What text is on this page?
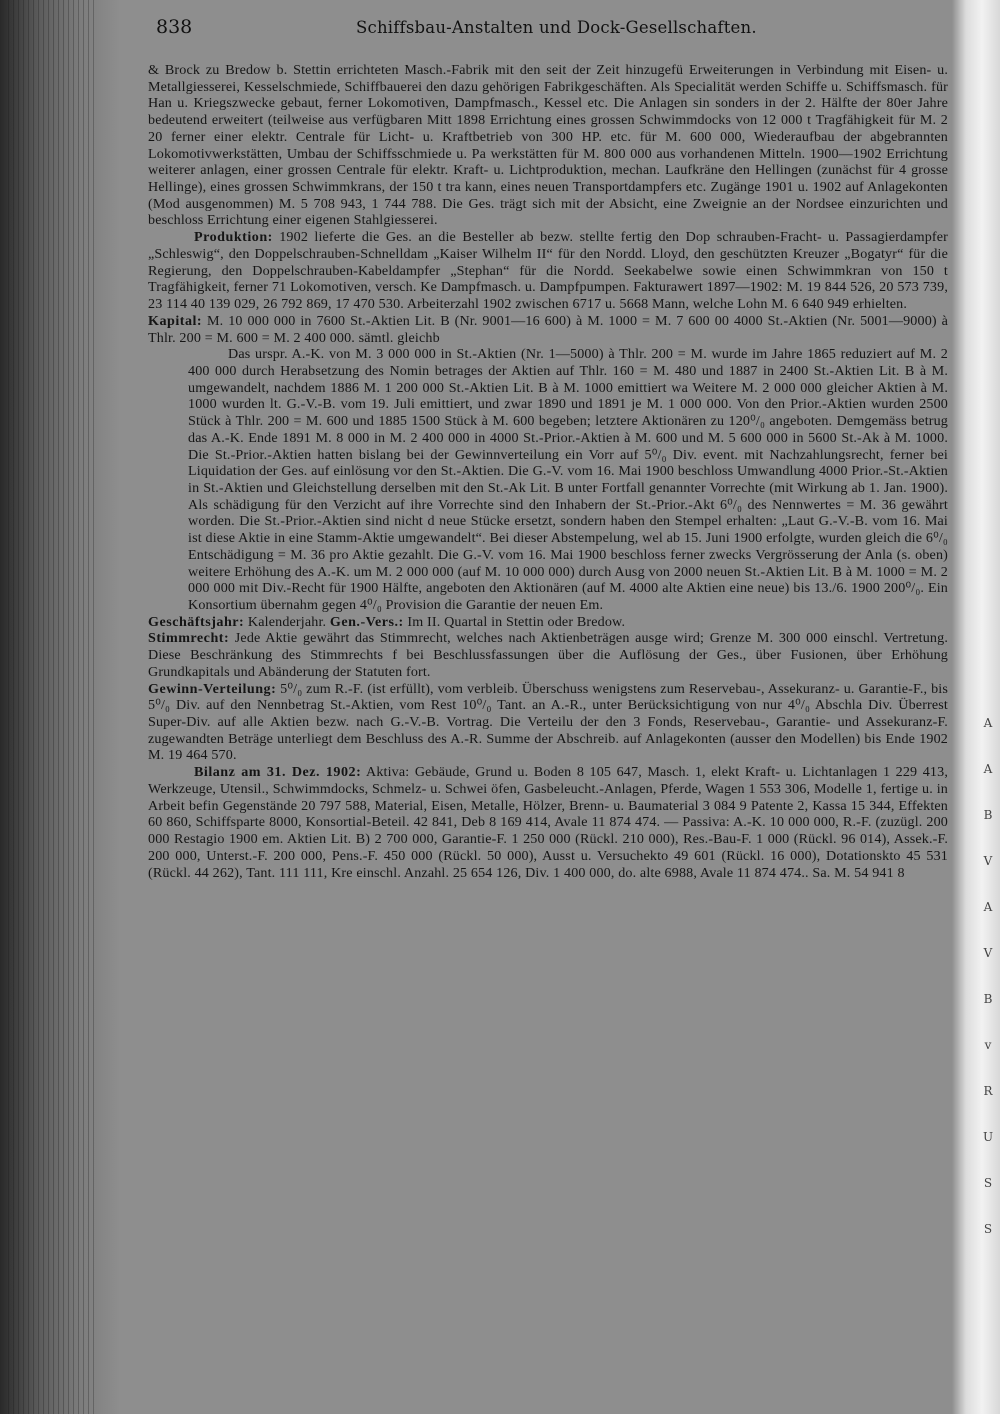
838	Schiffsbau-Anstalten und Dock-Gesellschaften.

& Brock zu Bredow b. Stettin errichteten Masch.-Fabrik mit den seit der Zeit hinzugefü Erweiterungen in Verbindung mit Eisen- u. Metallgiesserei, Kesselschmiede, Schiffbauerei den dazu gehörigen Fabrikgeschäften. Als Specialität werden Schiffe u. Schiffsmasch. für Han u. Kriegszwecke gebaut, ferner Lokomotiven, Dampfmasch., Kessel etc. Die Anlagen sin sonders in der 2. Hälfte der 80er Jahre bedeutend erweitert (teilweise aus verfügbaren Mitt 1898 Errichtung eines grossen Schwimmdocks von 12 000 t Tragfähigkeit für M. 2 20 ferner einer elektr. Centrale für Licht- u. Kraftbetrieb von 300 HP. etc. für M. 600 000, Wiederaufbau der abgebrannten Lokomotivwerkstätten, Umbau der Schiffsschmiede u. Pa werkstätten für M. 800 000 aus vorhandenen Mitteln. 1900—1902 Errichtung weiterer anlagen, einer grossen Centrale für elektr. Kraft- u. Lichtproduktion, mechan. Laufkräne den Hellingen (zunächst für 4 grosse Hellinge), eines grossen Schwimmkrans, der 150 t tra kann, eines neuen Transportdampfers etc. Zugänge 1901 u. 1902 auf Anlagekonten (Mod ausgenommen) M. 5 708 943, 1 744 788. Die Ges. trägt sich mit der Absicht, eine Zweignie an der Nordsee einzurichten und beschloss Errichtung einer eigenen Stahlgiesserei.

Produktion: 1902 lieferte die Ges. an die Besteller ab bezw. stellte fertig den Dop schrauben-Fracht- u. Passagierdampfer „Schleswig“, den Doppelschrauben-Schnelldam „Kaiser Wilhelm II“ für den Nordd. Lloyd, den geschützten Kreuzer „Bogatyr“ für die Regierung, den Doppelschrauben-Kabeldampfer „Stephan“ für die Nordd. Seekabelwe sowie einen Schwimmkran von 150 t Tragfähigkeit, ferner 71 Lokomotiven, versch. Ke Dampfmasch. u. Dampfpumpen. Fakturawert 1897—1902: M. 19 844 526, 20 573 739, 23 114 40 139 029, 26 792 869, 17 470 530. Arbeiterzahl 1902 zwischen 6717 u. 5668 Mann, welche Lohn M. 6 640 949 erhielten.

Kapital: M. 10 000 000 in 7600 St.-Aktien Lit. B (Nr. 9001—16 600) à M. 1000 = M. 7 600 00 4000 St.-Aktien (Nr. 5001—9000) à Thlr. 200 = M. 600 = M. 2 400 000. sämtl. gleichb

Das urspr. A.-K. von M. 3 000 000 in St.-Aktien (Nr. 1—5000) à Thlr. 200 = M. wurde im Jahre 1865 reduziert auf M. 2 400 000 durch Herabsetzung des Nomin betrages der Aktien auf Thlr. 160 = M. 480 und 1887 in 2400 St.-Aktien Lit. B à M. umgewandelt, nachdem 1886 M. 1 200 000 St.-Aktien Lit. B à M. 1000 emittiert wa Weitere M. 2 000 000 gleicher Aktien à M. 1000 wurden lt. G.-V.-B. vom 19. Juli emittiert, und zwar 1890 und 1891 je M. 1 000 000. Von den Prior.-Aktien wurden 2500 Stück à Thlr. 200 = M. 600 und 1885 1500 Stück à M. 600 begeben; letztere Aktionären zu 120⁰/₀ angeboten. Demgemäss betrug das A.-K. Ende 1891 M. 8 000 in M. 2 400 000 in 4000 St.-Prior.-Aktien à M. 600 und M. 5 600 000 in 5600 St.-Ak à M. 1000. Die St.-Prior.-Aktien hatten bislang bei der Gewinnverteilung ein Vorr auf 5⁰/₀ Div. event. mit Nachzahlungsrecht, ferner bei Liquidation der Ges. auf einlösung vor den St.-Aktien. Die G.-V. vom 16. Mai 1900 beschloss Umwandlung 4000 Prior.-St.-Aktien in St.-Aktien und Gleichstellung derselben mit den St.-Ak Lit. B unter Fortfall genannter Vorrechte (mit Wirkung ab 1. Jan. 1900). Als schädigung für den Verzicht auf ihre Vorrechte sind den Inhabern der St.-Prior.-Akt 6⁰/₀ des Nennwertes = M. 36 gewährt worden. Die St.-Prior.-Aktien sind nicht d neue Stücke ersetzt, sondern haben den Stempel erhalten: „Laut G.-V.-B. vom 16. Mai ist diese Aktie in eine Stamm-Aktie umgewandelt“. Bei dieser Abstempelung, wel ab 15. Juni 1900 erfolgte, wurden gleich die 6⁰/₀ Entschädigung = M. 36 pro Aktie gezahlt. Die G.-V. vom 16. Mai 1900 beschloss ferner zwecks Vergrösserung der Anla (s. oben) weitere Erhöhung des A.-K. um M. 2 000 000 (auf M. 10 000 000) durch Ausg von 2000 neuen St.-Aktien Lit. B à M. 1000 = M. 2 000 000 mit Div.-Recht für 1900 Hälfte, angeboten den Aktionären (auf M. 4000 alte Aktien eine neue) bis 13./6. 1900 200⁰/₀. Ein Konsortium übernahm gegen 4⁰/₀ Provision die Garantie der neuen Em.

Geschäftsjahr: Kalenderjahr. Gen.-Vers.: Im II. Quartal in Stettin oder Bredow.

Stimmrecht: Jede Aktie gewährt das Stimmrecht, welches nach Aktienbeträgen ausge wird; Grenze M. 300 000 einschl. Vertretung. Diese Beschränkung des Stimmrechts f bei Beschlussfassungen über die Auflösung der Ges., über Fusionen, über Erhöhung Grundkapitals und Abänderung der Statuten fort.

Gewinn-Verteilung: 5⁰/₀ zum R.-F. (ist erfüllt), vom verbleib. Überschuss wenigstens zum Reservebau-, Assekuranz- u. Garantie-F., bis 5⁰/₀ Div. auf den Nennbetrag St.-Aktien, vom Rest 10⁰/₀ Tant. an A.-R., unter Berücksichtigung von nur 4⁰/₀ Abschla Div. Überrest Super-Div. auf alle Aktien bezw. nach G.-V.-B. Vortrag. Die Verteilu der den 3 Fonds, Reservebau-, Garantie- und Assekuranz-F. zugewandten Beträge unterliegt dem Beschluss des A.-R. Summe der Abschreib. auf Anlagekonten (ausser den Modellen) bis Ende 1902 M. 19 464 570.

Bilanz am 31. Dez. 1902: Aktiva: Gebäude, Grund u. Boden 8 105 647, Masch. 1, elekt Kraft- u. Lichtanlagen 1 229 413, Werkzeuge, Utensil., Schwimmdocks, Schmelz- u. Schwei öfen, Gasbeleucht.-Anlagen, Pferde, Wagen 1 553 306, Modelle 1, fertige u. in Arbeit befin Gegenstände 20 797 588, Material, Eisen, Metalle, Hölzer, Brenn- u. Baumaterial 3 084 9 Patente 2, Kassa 15 344, Effekten 60 860, Schiffsparte 8000, Konsortial-Beteil. 42 841, Deb 8 169 414, Avale 11 874 474. — Passiva: A.-K. 10 000 000, R.-F. (zuzügl. 200 000 Restagio 1900 em. Aktien Lit. B) 2 700 000, Garantie-F. 1 250 000 (Rückl. 210 000), Res.-Bau-F. 1 000 (Rückl. 96 014), Assek.-F. 200 000, Unterst.-F. 200 000, Pens.-F. 450 000 (Rückl. 50 000), Ausst u. Versuchekto 49 601 (Rückl. 16 000), Dotationskto 45 531 (Rückl. 44 262), Tant. 111 111, Kre einschl. Anzahl. 25 654 126, Div. 1 400 000, do. alte 6988, Avale 11 874 474.. Sa. M. 54 941 8

A
A
B
V
A
V
B
v
R
U
S
S
